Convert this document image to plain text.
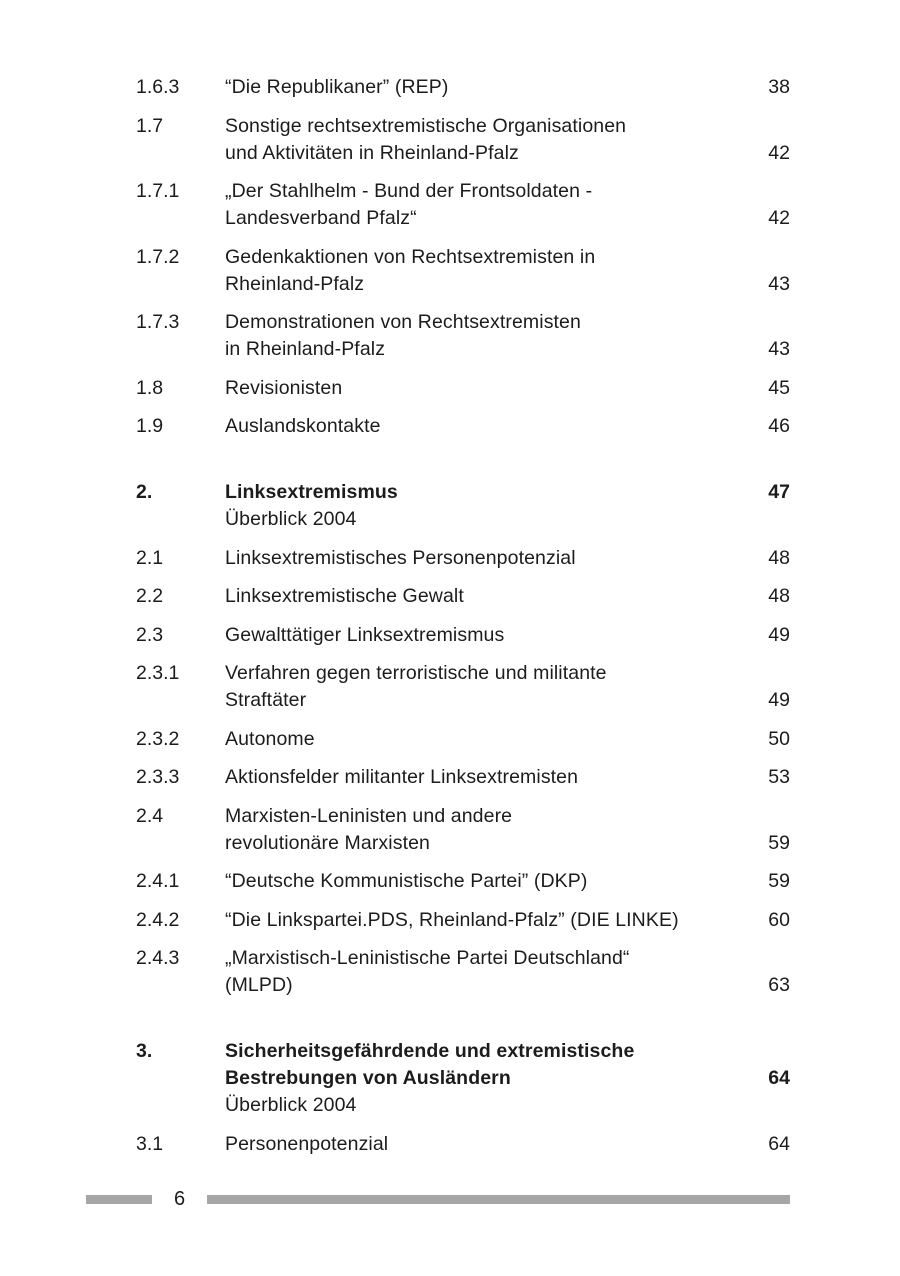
1.6.3	“Die Republikaner” (REP)	38
1.7	Sonstige rechtsextremistische Organisationen
und Aktivitäten in Rheinland-Pfalz	42
1.7.1	„Der Stahlhelm - Bund der Frontsoldaten -
Landesverband Pfalz“	42
1.7.2	Gedenkaktionen von Rechtsextremisten in
Rheinland-Pfalz	43
1.7.3	Demonstrationen von Rechtsextremisten
in Rheinland-Pfalz	43
1.8	Revisionisten	45
1.9	Auslandskontakte	46
2.	Linksextremismus	47
Überblick 2004
2.1	Linksextremistisches Personenpotenzial	48
2.2	Linksextremistische Gewalt	48
2.3	Gewalttätiger Linksextremismus	49
2.3.1	Verfahren gegen terroristische und militante
Straftäter	49
2.3.2	Autonome	50
2.3.3	Aktionsfelder militanter Linksextremisten	53
2.4	Marxisten-Leninisten und andere
revolutionäre Marxisten	59
2.4.1	“Deutsche Kommunistische Partei” (DKP)	59
2.4.2	“Die Linkspartei.PDS, Rheinland-Pfalz” (DIE LINKE)	60
2.4.3	„Marxistisch-Leninistische Partei Deutschland“
(MLPD)	63
3.	Sicherheitsgefährdende und extremistische
Bestrebungen von Ausländern	64
Überblick 2004
3.1	Personenpotenzial	64
6
